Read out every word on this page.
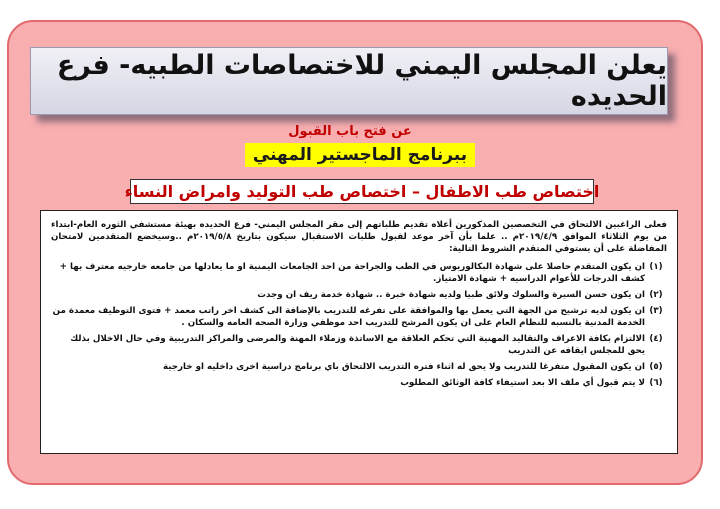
يعلن المجلس اليمني للاختصاصات الطبيه- فرع الحديده
عن فتح باب القبول
ببرنامج الماجستير المهني
اختصاص طب الاطفال – اختصاص طب التوليد وامراض النساء

فعلى الراغبين الالتحاق في التخصصين المذكورين أعلاه تقديم طلباتهم إلى مقر المجلس اليمني- فرع الحديده بهيئة مستشفي الثوره العام-ابتداء من يوم الثلاثاء الموافق ٢٠١٩/٤/٩م .. علما بأن آخر موعد لقبول طلبات الاستقبال سيكون بتاريخ ٢٠١٩/٥/٨م ..وسيخضع المتقدمين لامتحان المفاضلة على أن يستوفي المتقدم الشروط التالية:

(١)
ان يكون المتقدم حاصلا على شهادة البكالوريوس في الطب والجراحة من احد الجامعات اليمنية او ما يعادلها من جامعه خارجيه معترف بها + كشف الدرجات للأعوام الدراسيه + شهادة الامتياز.
(٢)
ان يكون حسن السيرة والسلوك ولائق طبيا ولديه شهادة خبرة .. شهادة خدمة ريف ان وجدت
(٣)
ان يكون لديه ترشيح من الجهة التي يعمل بها والموافقة على تفرغه للتدريب بالإضافة الى كشف اخر راتب معمد + فتوى التوظيف معمدة من الخدمة المدنية بالنسبه للنظام العام على ان يكون المرشح للتدريب احد موظفي وزارة الصحه العامه والسكان .
(٤)
الالتزام بكافة الاعراف والتقاليد المهنية التي تحكم العلاقة مع الاساتذة وزملاء المهنة والمرضى والمراكز التدريبية وفي حال الاخلال بذلك يحق للمجلس ايقافه عن التدريب
(٥)
ان يكون المقبول متفرغا للتدريب ولا يحق له اثناء فتره التدريب الالتحاق باي برنامج دراسية اخرى داخليه او خارجية
(٦)
لا يتم قبول أي ملف الا بعد استيفاء كافة الوثائق المطلوب
